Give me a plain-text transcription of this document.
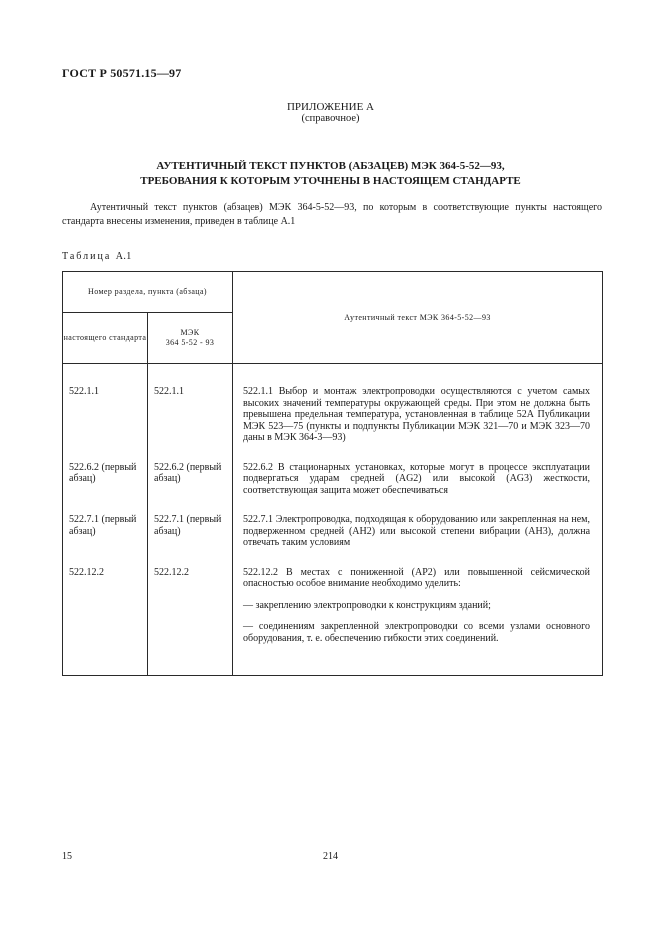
ГОСТ Р 50571.15—97
ПРИЛОЖЕНИЕ А
(справочное)
АУТЕНТИЧНЫЙ ТЕКСТ ПУНКТОВ (АБЗАЦЕВ) МЭК 364-5-52—93,
ТРЕБОВАНИЯ К КОТОРЫМ УТОЧНЕНЫ В НАСТОЯЩЕМ СТАНДАРТЕ
Аутентичный текст пунктов (абзацев) МЭК 364-5-52—93, по которым в соответствующие пункты настоящего стандарта внесены изменения, приведен в таблице А.1
Таблица А.1
Номер раздела, пункта (абзаца)		Аутентичный текст МЭК 364-5-52—93
настоящего стандарта	МЭК
364 5-52 - 93	

522.1.1	522.1.1	522.1.1 Выбор и монтаж электропроводки осуществляются с учетом самых высоких значений температуры окружающей среды. При этом не должна быть превышена предельная температура, установленная в таблице 52А Публикации МЭК 523—75 (пункты и подпункты Публикации МЭК 321—70 и МЭК 323—70 даны в МЭК 364-3—93)

522.6.2 (первый абзац)	522.6.2 (первый абзац)	522.6.2 В стационарных установках, которые могут в процессе эксплуатации подвергаться ударам средней (AG2) или высокой (AG3) жесткости, соответствующая защита может обеспечиваться

522.7.1 (первый абзац)	522.7.1 (первый абзац)	522.7.1 Электропроводка, подходящая к оборудованию или закрепленная на нем, подверженном средней (АН2) или высокой степени вибрации (АН3), должна отвечать таким условиям

522.12.2	522.12.2	522.12.2 В местах с пониженной (АР2) или повышенной сейсмической опасностью особое внимание необходимо уделить:

— закреплению электропроводки к конструкциям зданий;

— соединениям закрепленной электропроводки со всеми узлами основного оборудования, т. е. обеспечению гибкости этих соединений.

15	214
